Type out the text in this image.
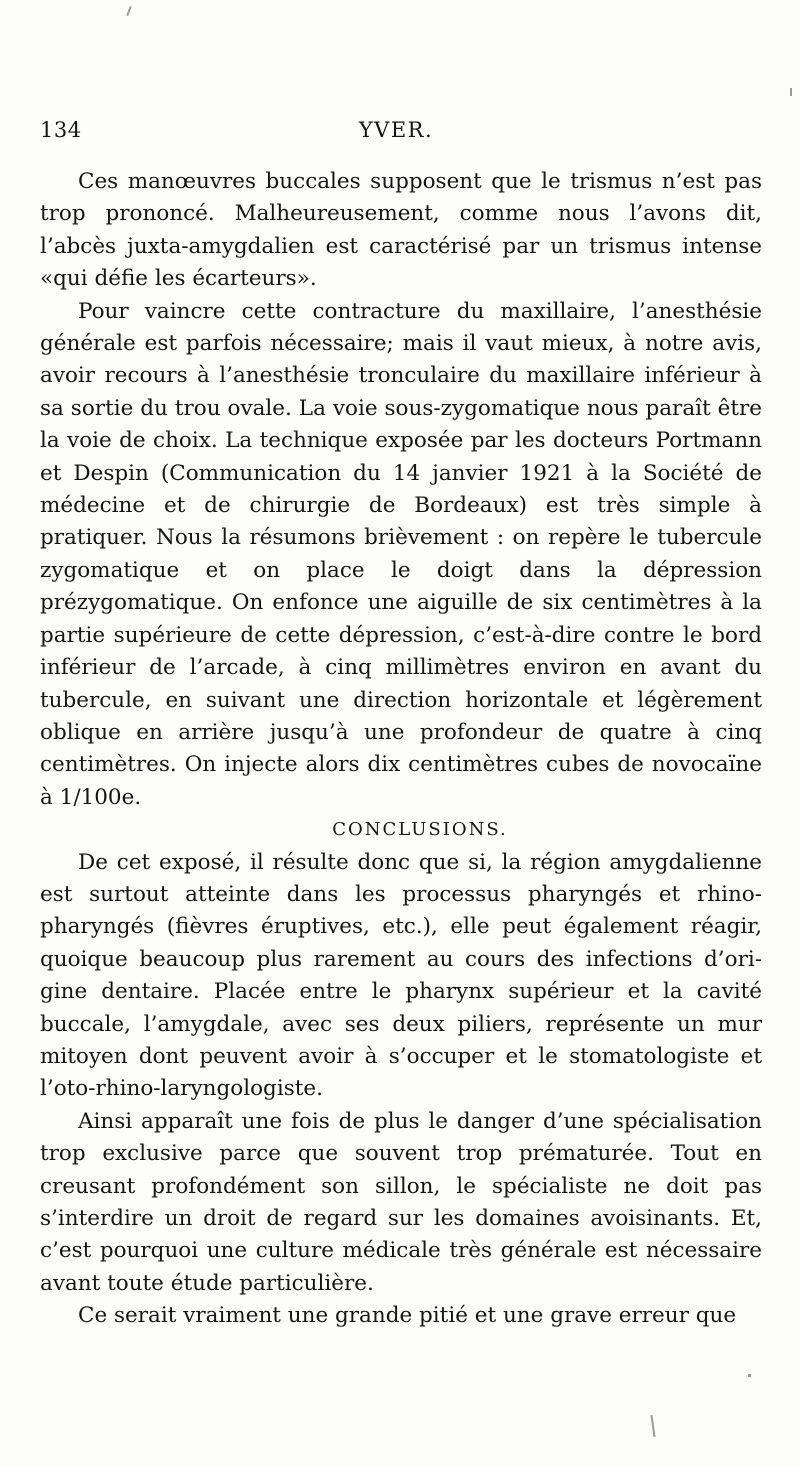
134	YVER.

Ces manœuvres buccales supposent que le trismus n’est pas trop prononcé. Malheureusement, comme nous l’avons dit, l’abcès juxta-amygdalien est caractérisé par un trismus intense «qui défie les écarteurs».

Pour vaincre cette contracture du maxillaire, l’anesthésie générale est parfois nécessaire; mais il vaut mieux, à notre avis, avoir recours à l’anesthésie tronculaire du maxillaire inférieur à sa sortie du trou ovale. La voie sous-zygomatique nous paraît être la voie de choix. La technique exposée par les docteurs Portmann et Despin (Communication du 14 janvier 1921 à la Société de médecine et de chirurgie de Bordeaux) est très simple à pratiquer. Nous la résumons brièvement : on repère le tubercule zygomatique et on place le doigt dans la dépression prézygomatique. On enfonce une aiguille de six centimètres à la partie supérieure de cette dépression, c’est-à-dire contre le bord inférieur de l’arcade, à cinq millimètres environ en avant du tubercule, en suivant une direction horizontale et légèrement oblique en arrière jusqu’à une profondeur de quatre à cinq centimètres. On injecte alors dix centimètres cubes de novocaïne à 1/100e.

CONCLUSIONS.

De cet exposé, il résulte donc que si, la région amygdalienne est surtout atteinte dans les processus pharyngés et rhinopharyngés (fièvres éruptives, etc.), elle peut également réagir, quoique beaucoup plus rarement au cours des infections d’origine dentaire. Placée entre le pharynx supérieur et la cavité buccale, l’amygdale, avec ses deux piliers, représente un mur mitoyen dont peuvent avoir à s’occuper et le stomatologiste et l’oto-rhino-laryngologiste.

Ainsi apparaît une fois de plus le danger d’une spécialisation trop exclusive parce que souvent trop prématurée. Tout en creusant profondément son sillon, le spécialiste ne doit pas s’interdire un droit de regard sur les domaines avoisinants. Et, c’est pourquoi une culture médicale très générale est nécessaire avant toute étude particulière.

Ce serait vraiment une grande pitié et une grave erreur que
